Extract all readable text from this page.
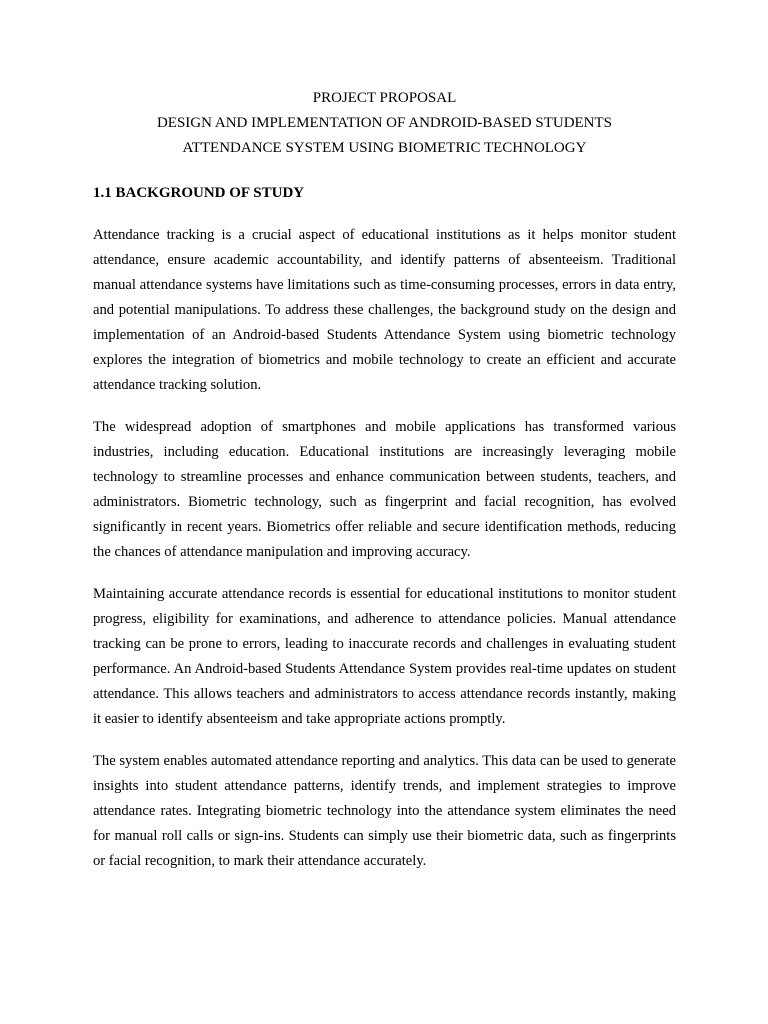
PROJECT PROPOSAL
DESIGN AND IMPLEMENTATION OF ANDROID-BASED STUDENTS
ATTENDANCE SYSTEM USING BIOMETRIC TECHNOLOGY
1.1 BACKGROUND OF STUDY

Attendance tracking is a crucial aspect of educational institutions as it helps monitor student attendance, ensure academic accountability, and identify patterns of absenteeism. Traditional manual attendance systems have limitations such as time-consuming processes, errors in data entry, and potential manipulations. To address these challenges, the background study on the design and implementation of an Android-based Students Attendance System using biometric technology explores the integration of biometrics and mobile technology to create an efficient and accurate attendance tracking solution.

The widespread adoption of smartphones and mobile applications has transformed various industries, including education. Educational institutions are increasingly leveraging mobile technology to streamline processes and enhance communication between students, teachers, and administrators. Biometric technology, such as fingerprint and facial recognition, has evolved significantly in recent years. Biometrics offer reliable and secure identification methods, reducing the chances of attendance manipulation and improving accuracy.

Maintaining accurate attendance records is essential for educational institutions to monitor student progress, eligibility for examinations, and adherence to attendance policies. Manual attendance tracking can be prone to errors, leading to inaccurate records and challenges in evaluating student performance. An Android-based Students Attendance System provides real-time updates on student attendance. This allows teachers and administrators to access attendance records instantly, making it easier to identify absenteeism and take appropriate actions promptly.

The system enables automated attendance reporting and analytics. This data can be used to generate insights into student attendance patterns, identify trends, and implement strategies to improve attendance rates. Integrating biometric technology into the attendance system eliminates the need for manual roll calls or sign-ins. Students can simply use their biometric data, such as fingerprints or facial recognition, to mark their attendance accurately.
